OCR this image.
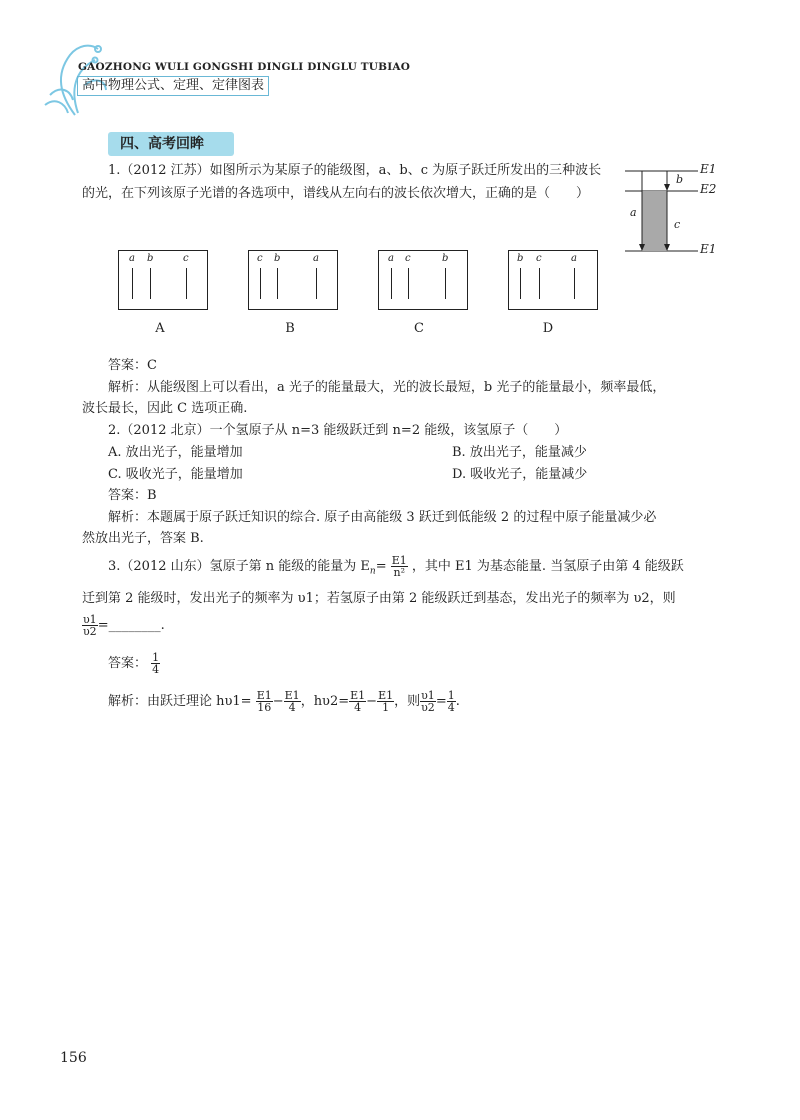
GAOZHONG WULI GONGSHI DINGLI DINGLU TUBIAO
高中物理公式、定理、定律图表
四、高考回眸
1.（2012 江苏）如图所示为某原子的能级图，a、b、c 为原子跃迁所发出的三种波长的光，在下列该原子光谱的各选项中，谱线从左向右的波长依次增大，正确的是（　　）
E1
E2
E1
a
b
c
a b	c	c b	a	a c	b	b c	a
A	B	C	D
答案：C
解析：从能级图上可以看出，a 光子的能量最大，光的波长最短，b 光子的能量最小，频率最低，
波长最长，因此 C 选项正确.
2.（2012 北京）一个氢原子从 n=3 能级跃迁到 n=2 能级，该氢原子（　　）
A. 放出光子，能量增加	B. 放出光子，能量减少
C. 吸收光子，能量增加	D. 吸收光子，能量减少
答案：B
解析：本题属于原子跃迁知识的综合. 原子由高能级 3 跃迁到低能级 2 的过程中原子能量减少必
然放出光子，答案 B.
3.（2012 山东）氢原子第 n 能级的能量为 $E_n= \frac{E1}{\text{n²}}$ ，其中 E1 为基态能量. 当氢原子由第 4 能级跃
迁到第 2 能级时，发出光子的频率为 υ1；若氢原子由第 2 能级跃迁到基态，发出光子的频率为 υ2，则
$\frac{\upsilon 1}{\upsilon 2}$ =________.
答案： $\frac{1}{4}$
解析：由跃迁理论 $h\upsilon 1= \frac{E1}{16} - \frac{E1}{4}$ ，$h\upsilon 2= \frac{E1}{4} - \frac{E1}{1}$ ，则 $\frac{\upsilon 1}{\upsilon 2} = \frac{1}{4}$ .
156
